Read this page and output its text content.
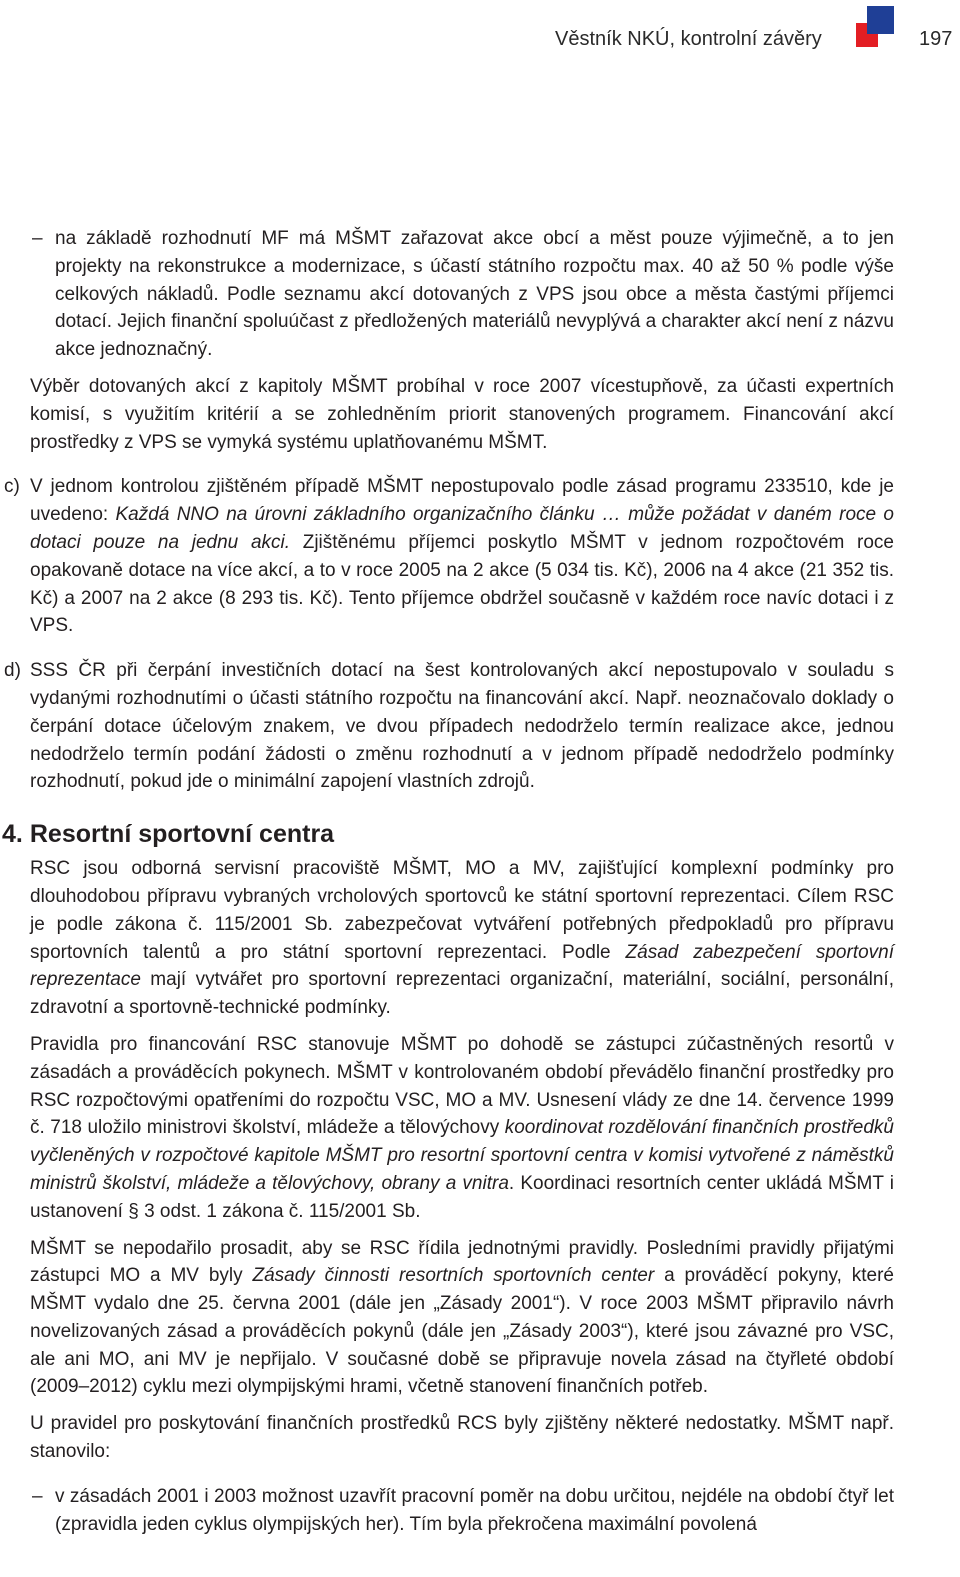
Věstník NKÚ, kontrolní závěry	197
– na základě rozhodnutí MF má MŠMT zařazovat akce obcí a měst pouze výjimečně, a to jen projekty na rekonstrukce a modernizace, s účastí státního rozpočtu max. 40 až 50 % podle výše celkových nákladů. Podle seznamu akcí dotovaných z VPS jsou obce a města častými příjemci dotací. Jejich finanční spoluúčast z předložených materiálů nevyplývá a charakter akcí není z názvu akce jednoznačný.

Výběr dotovaných akcí z kapitoly MŠMT probíhal v roce 2007 vícestupňově, za účasti expertních komisí, s využitím kritérií a se zohledněním priorit stanovených programem. Financování akcí prostředky z VPS se vymyká systému uplatňovanému MŠMT.

c) V jednom kontrolou zjištěném případě MŠMT nepostupovalo podle zásad programu 233510, kde je uvedeno: Každá NNO na úrovni základního organizačního článku … může požádat v daném roce o dotaci pouze na jednu akci. Zjištěnému příjemci poskytlo MŠMT v jednom rozpočtovém roce opakovaně dotace na více akcí, a to v roce 2005 na 2 akce (5 034 tis. Kč), 2006 na 4 akce (21 352 tis. Kč) a 2007 na 2 akce (8 293 tis. Kč). Tento příjemce obdržel současně v každém roce navíc dotaci i z VPS.

d) SSS ČR při čerpání investičních dotací na šest kontrolovaných akcí nepostupovalo v souladu s vydanými rozhodnutími o účasti státního rozpočtu na financování akcí. Např. neoznačovalo doklady o čerpání dotace účelovým znakem, ve dvou případech nedodrželo termín realizace akce, jednou nedodrželo termín podání žádosti o změnu rozhodnutí a v jednom případě nedodrželo podmínky rozhodnutí, pokud jde o minimální zapojení vlastních zdrojů.

4. Resortní sportovní centra

RSC jsou odborná servisní pracoviště MŠMT, MO a MV, zajišťující komplexní podmínky pro dlouhodobou přípravu vybraných vrcholových sportovců ke státní sportovní reprezentaci. Cílem RSC je podle zákona č. 115/2001 Sb. zabezpečovat vytváření potřebných předpokladů pro přípravu sportovních talentů a pro státní sportovní reprezentaci. Podle Zásad zabezpečení sportovní reprezentace mají vytvářet pro sportovní reprezentaci organizační, materiální, sociální, personální, zdravotní a sportovně-technické podmínky.

Pravidla pro financování RSC stanovuje MŠMT po dohodě se zástupci zúčastněných resortů v zásadách a prováděcích pokynech. MŠMT v kontrolovaném období převádělo finanční prostředky pro RSC rozpočtovými opatřeními do rozpočtu VSC, MO a MV. Usnesení vlády ze dne 14. července 1999 č. 718 uložilo ministrovi školství, mládeže a tělovýchovy koordinovat rozdělování finančních prostředků vyčleněných v rozpočtové kapitole MŠMT pro resortní sportovní centra v komisi vytvořené z náměstků ministrů školství, mládeže a tělovýchovy, obrany a vnitra. Koordinaci resortních center ukládá MŠMT i ustanovení § 3 odst. 1 zákona č. 115/2001 Sb.

MŠMT se nepodařilo prosadit, aby se RSC řídila jednotnými pravidly. Posledními pravidly přijatými zástupci MO a MV byly Zásady činnosti resortních sportovních center a prováděcí pokyny, které MŠMT vydalo dne 25. června 2001 (dále jen „Zásady 2001“). V roce 2003 MŠMT připravilo návrh novelizovaných zásad a prováděcích pokynů (dále jen „Zásady 2003“), které jsou závazné pro VSC, ale ani MO, ani MV je nepřijalo. V současné době se připravuje novela zásad na čtyřleté období (2009–2012) cyklu mezi olympijskými hrami, včetně stanovení finančních potřeb.

U pravidel pro poskytování finančních prostředků RCS byly zjištěny některé nedostatky. MŠMT např. stanovilo:

– v zásadách 2001 i 2003 možnost uzavřít pracovní poměr na dobu určitou, nejdéle na období čtyř let (zpravidla jeden cyklus olympijských her). Tím byla překročena maximální povolená
